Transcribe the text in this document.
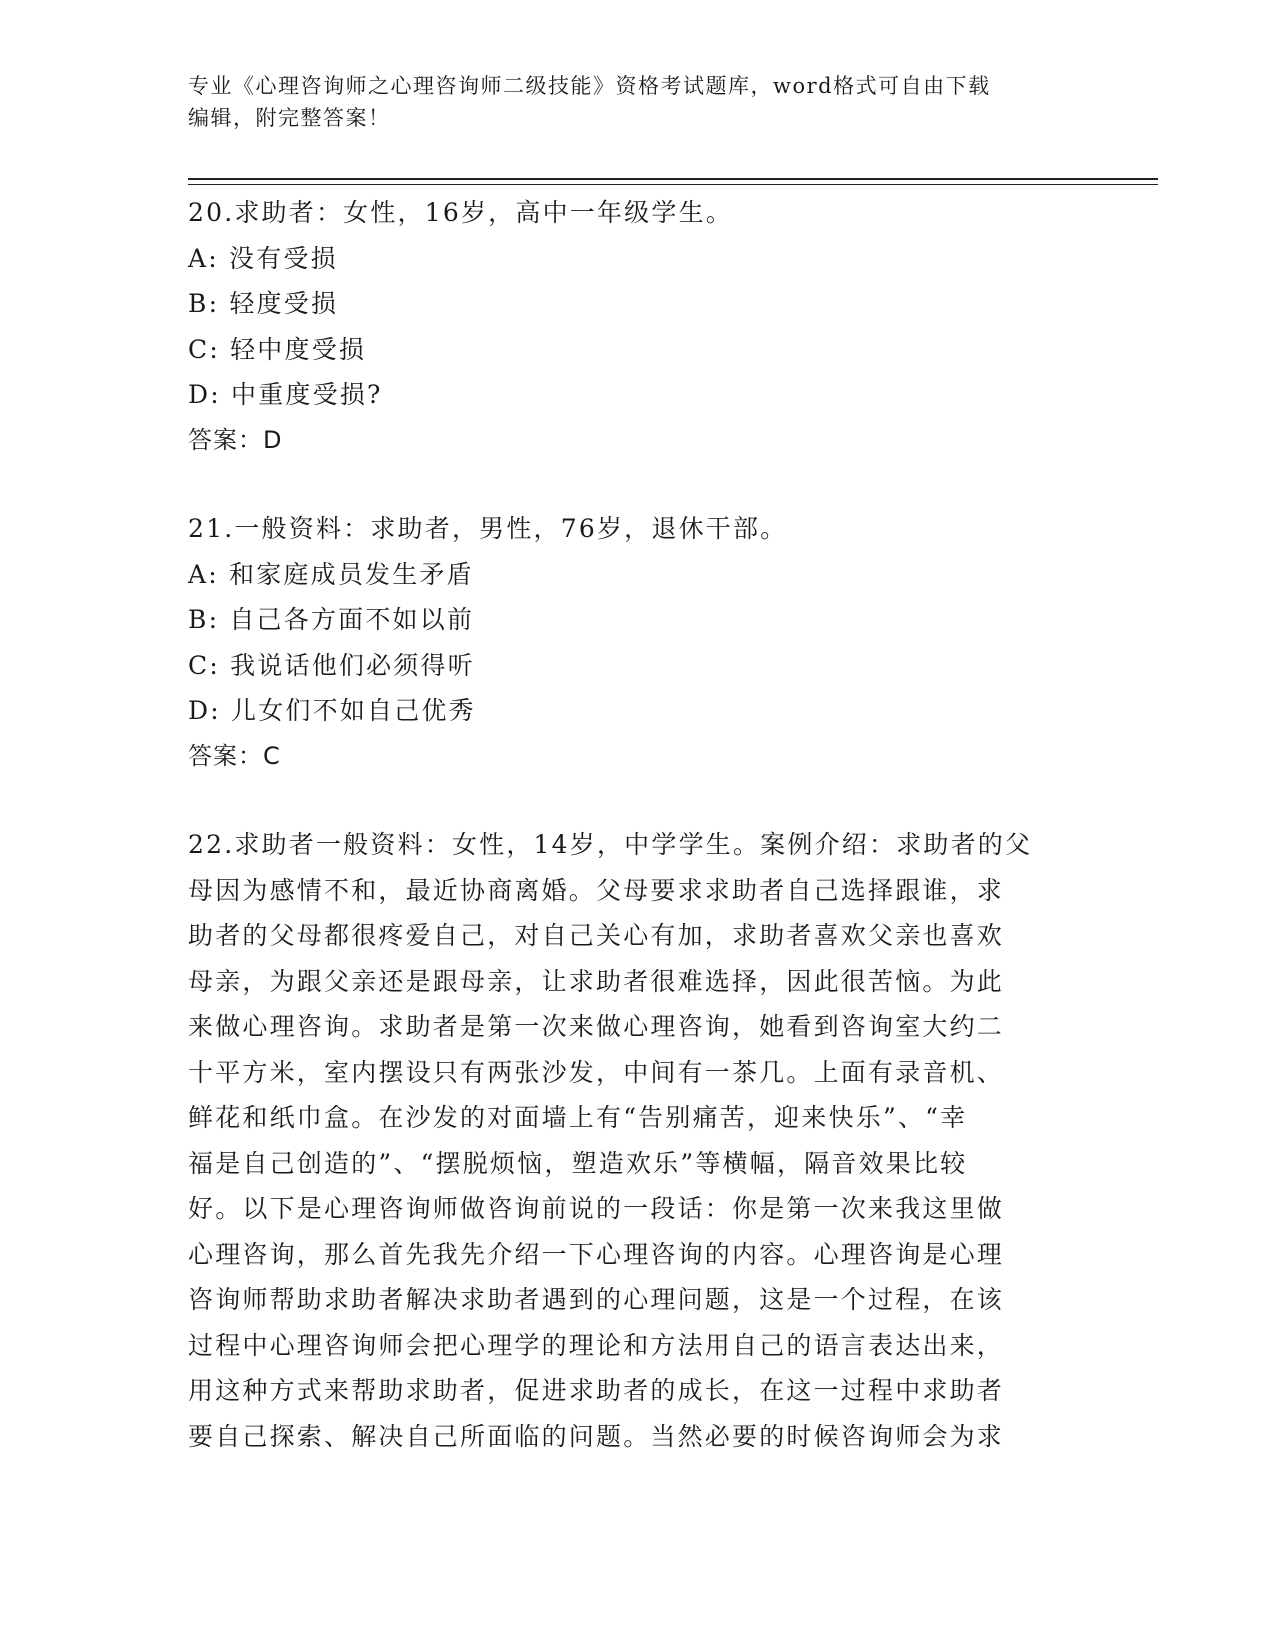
专业《心理咨询师之心理咨询师二级技能》资格考试题库，word格式可自由下载
编辑，附完整答案！

20.求助者：女性，16岁，高中一年级学生。

A: 没有受损

B: 轻度受损

C: 轻中度受损

D: 中重度受损?

答案：D

21.一般资料：求助者，男性，76岁，退休干部。

A: 和家庭成员发生矛盾

B: 自己各方面不如以前

C: 我说话他们必须得听

D: 儿女们不如自己优秀

答案：C

22.求助者一般资料：女性，14岁，中学学生。案例介绍：求助者的父

母因为感情不和，最近协商离婚。父母要求求助者自己选择跟谁，求

助者的父母都很疼爱自己，对自己关心有加，求助者喜欢父亲也喜欢

母亲，为跟父亲还是跟母亲，让求助者很难选择，因此很苦恼。为此

来做心理咨询。求助者是第一次来做心理咨询，她看到咨询室大约二

十平方米，室内摆设只有两张沙发，中间有一茶几。上面有录音机、

鲜花和纸巾盒。在沙发的对面墙上有“告别痛苦，迎来快乐”、“幸

福是自己创造的”、“摆脱烦恼，塑造欢乐”等横幅，隔音效果比较

好。以下是心理咨询师做咨询前说的一段话：你是第一次来我这里做

心理咨询，那么首先我先介绍一下心理咨询的内容。心理咨询是心理

咨询师帮助求助者解决求助者遇到的心理问题，这是一个过程，在该

过程中心理咨询师会把心理学的理论和方法用自己的语言表达出来，

用这种方式来帮助求助者，促进求助者的成长，在这一过程中求助者

要自己探索、解决自己所面临的问题。当然必要的时候咨询师会为求
